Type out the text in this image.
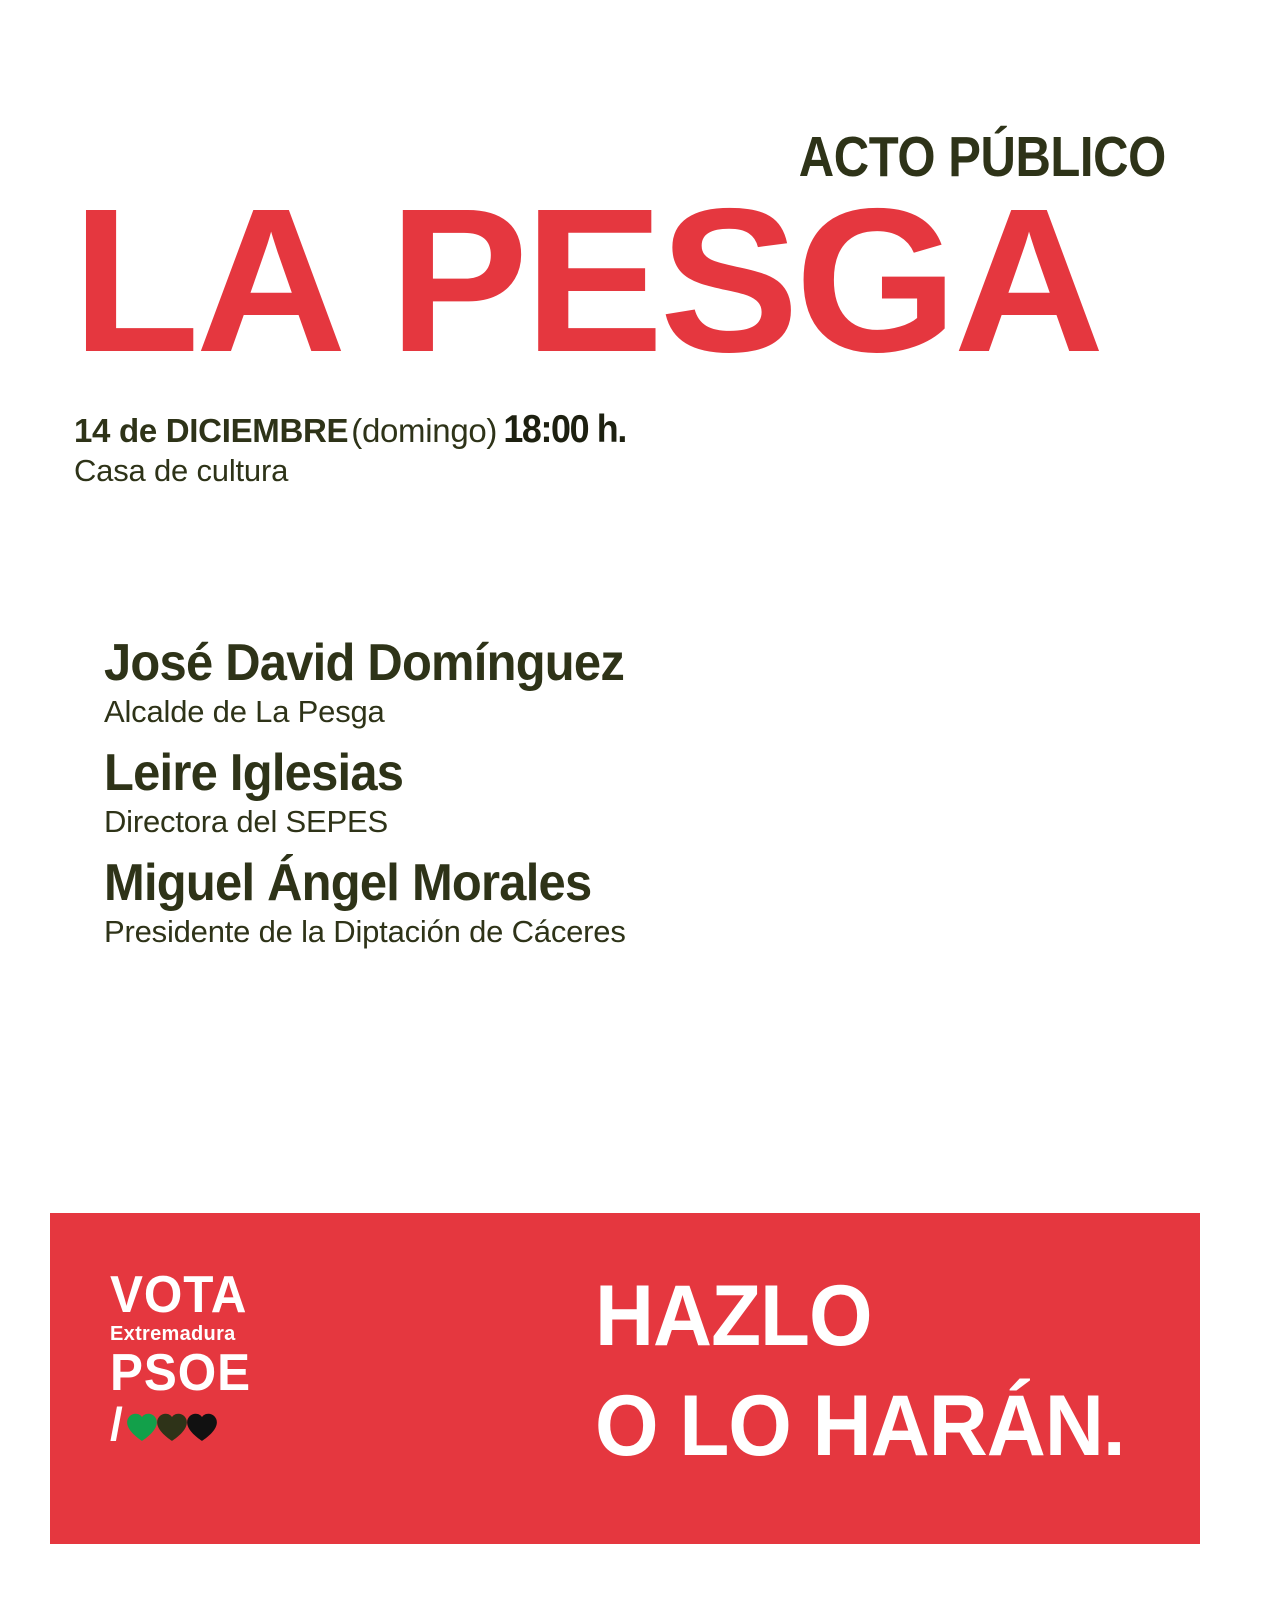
ACTO PÚBLICO
LA PESGA
14 de DICIEMBRE (domingo) 18:00 h.
Casa de cultura
José David Domínguez
Alcalde de La Pesga
Leire Iglesias
Directora del SEPES
Miguel Ángel Morales
Presidente de la Diptación de Cáceres
VOTA
Extremadura
PSOE
/
HAZLO
O LO HARÁN.
